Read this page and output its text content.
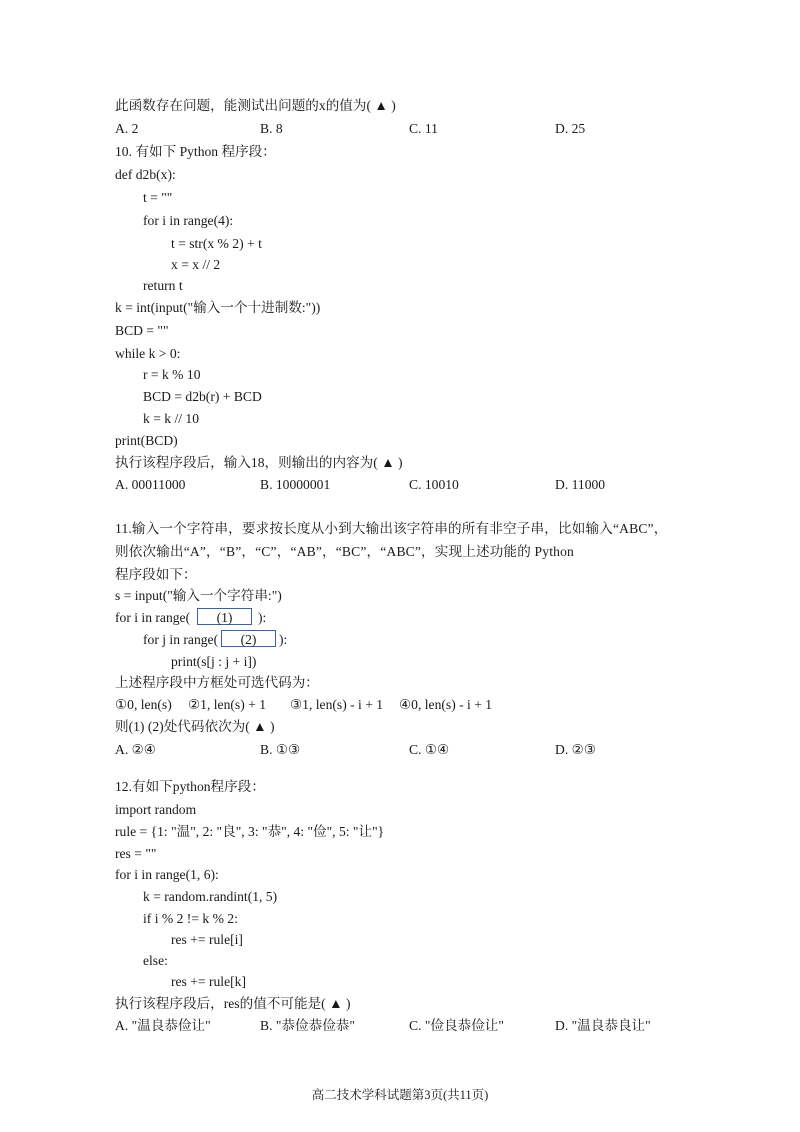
此函数存在问题，能测试出问题的x的值为( ▲ )
A. 2	B. 8	C. 11	D. 25
10. 有如下 Python 程序段：
def d2b(x):
t = ""
for i in range(4):
t = str(x % 2) + t
x = x // 2
return t
k = int(input("输入一个十进制数:"))
BCD = ""
while k > 0:
r = k % 10
BCD = d2b(r) + BCD
k = k // 10
print(BCD)
执行该程序段后，输入18，则输出的内容为( ▲ )
A. 00011000	B. 10000001	C. 10010	D. 11000
11.输入一个字符串，要求按长度从小到大输出该字符串的所有非空子串，比如输入“ABC”，
则依次输出“A”，“B”，“C”，“AB”，“BC”，“ABC”，实现上述功能的 Python
程序段如下：
s = input("输入一个字符串:")
for i in range(	(1)	):
for j in range(	(2)	):
print(s[j : j + i])
上述程序段中方框处可选代码为：
①0, len(s) ②1, len(s) + 1 ③1, len(s) - i + 1 ④0, len(s) - i + 1
则(1) (2)处代码依次为( ▲ )
A. ②④	B. ①③	C. ①④	D. ②③
12.有如下python程序段：
import random
rule = {1: "温", 2: "良", 3: "恭", 4: "俭", 5: "让"}
res = ""
for i in range(1, 6):
k = random.randint(1, 5)
if i % 2 != k % 2:
res += rule[i]
else:
res += rule[k]
执行该程序段后，res的值不可能是( ▲ )
A. "温良恭俭让"	B. "恭俭恭俭恭"	C. "俭良恭俭让"	D. "温良恭良让"
高二技术学科试题第3页(共11页)
